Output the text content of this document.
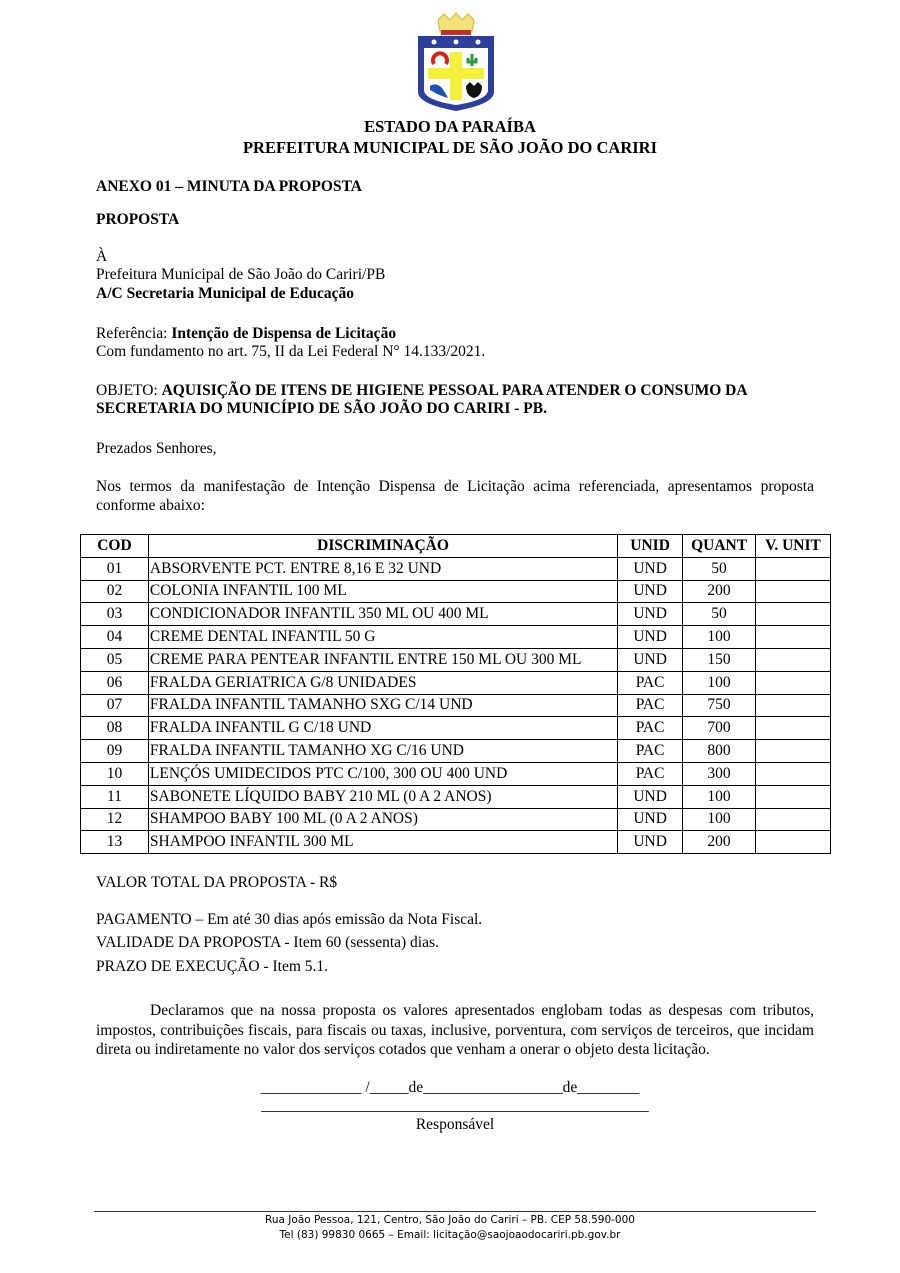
ESTADO DA PARAÍBA
PREFEITURA MUNICIPAL DE SÃO JOÃO DO CARIRI
ANEXO 01 – MINUTA DA PROPOSTA
PROPOSTA
À
Prefeitura Municipal de São João do Cariri/PB
A/C Secretaria Municipal de Educação
Referência: Intenção de Dispensa de Licitação
Com fundamento no art. 75, II da Lei Federal N° 14.133/2021.
OBJETO: AQUISIÇÃO DE ITENS DE HIGIENE PESSOAL PARA ATENDER O CONSUMO DA
SECRETARIA DO MUNICÍPIO DE SÃO JOÃO DO CARIRI - PB.
Prezados Senhores,
Nos termos da manifestação de Intenção Dispensa de Licitação acima referenciada, apresentamos proposta conforme abaixo:
COD	DISCRIMINAÇÃO	UNID	QUANT	V. UNIT
01	ABSORVENTE PCT. ENTRE 8,16 E 32 UND	UND	50	
02	COLONIA INFANTIL 100 ML	UND	200	
03	CONDICIONADOR INFANTIL 350 ML OU 400 ML	UND	50	
04	CREME DENTAL INFANTIL 50 G	UND	100	
05	CREME PARA PENTEAR INFANTIL ENTRE 150 ML OU 300 ML	UND	150	
06	FRALDA GERIATRICA G/8 UNIDADES	PAC	100	
07	FRALDA INFANTIL TAMANHO SXG C/14 UND	PAC	750	
08	FRALDA INFANTIL G C/18 UND	PAC	700	
09	FRALDA INFANTIL TAMANHO XG C/16 UND	PAC	800	
10	LENÇÓS UMIDECIDOS PTC C/100, 300 OU 400 UND	PAC	300	
11	SABONETE LÍQUIDO BABY 210 ML (0 A 2 ANOS)	UND	100	
12	SHAMPOO BABY 100 ML (0 A 2 ANOS)	UND	100	
13	SHAMPOO INFANTIL 300 ML	UND	200	
VALOR TOTAL DA PROPOSTA - R$
PAGAMENTO – Em até 30 dias após emissão da Nota Fiscal.
VALIDADE DA PROPOSTA - Item 60 (sessenta) dias.
PRAZO DE EXECUÇÃO - Item 5.1.
Declaramos que na nossa proposta os valores apresentados englobam todas as despesas com tributos, impostos, contribuições fiscais, para fiscais ou taxas, inclusive, porventura, com serviços de terceiros, que incidam direta ou indiretamente no valor dos serviços cotados que venham a onerar o objeto desta licitação.
_____________ /_____de__________________de________
__________________________________________________
Responsável
Rua João Pessoa, 121, Centro, São João do Cariri – PB. CEP 58.590-000
Tel (83) 99830 0665 – Email: licitação@saojoaodocariri.pb.gov.br
